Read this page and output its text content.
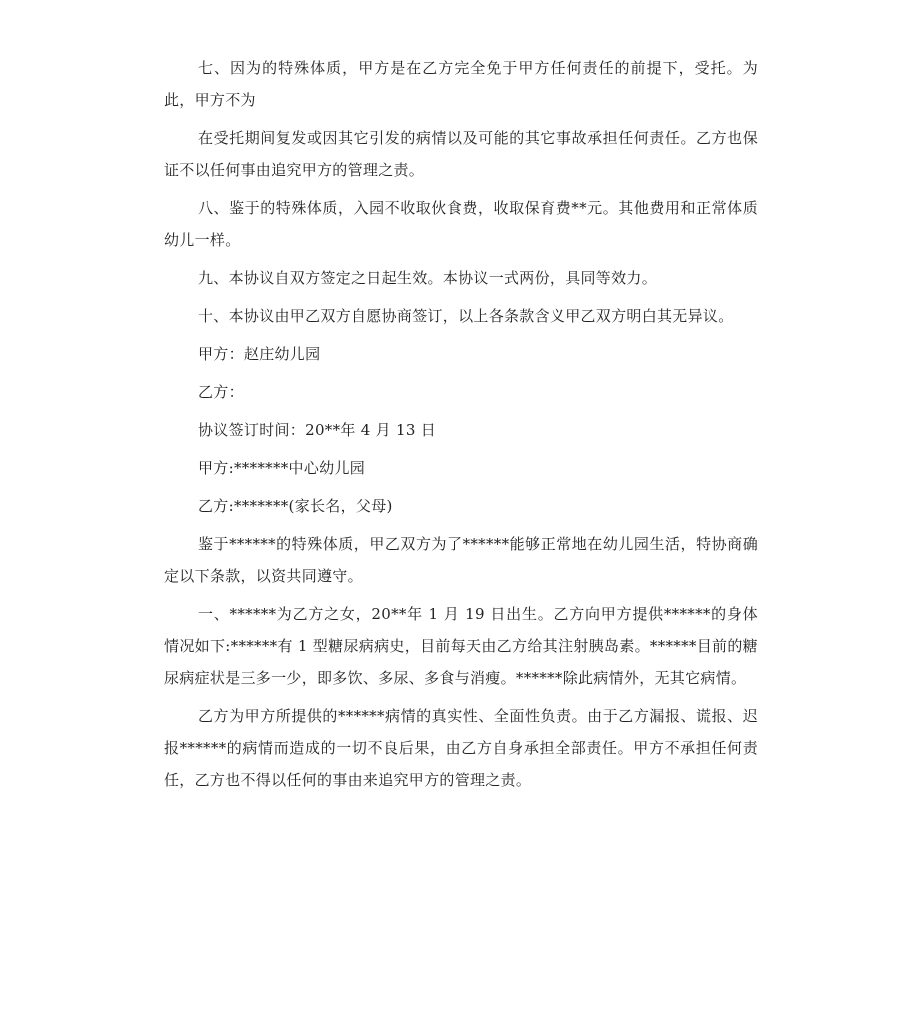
七、因为的特殊体质，甲方是在乙方完全免于甲方任何责任的前提下，受托。为此，甲方不为

在受托期间复发或因其它引发的病情以及可能的其它事故承担任何责任。乙方也保证不以任何事由追究甲方的管理之责。

八、鉴于的特殊体质，入园不收取伙食费，收取保育费**元。其他费用和正常体质幼儿一样。

九、本协议自双方签定之日起生效。本协议一式两份，具同等效力。

十、本协议由甲乙双方自愿协商签订，以上各条款含义甲乙双方明白其无异议。

甲方：赵庄幼儿园

乙方：

协议签订时间：20**年 4 月 13 日

甲方:*******中心幼儿园

乙方:*******(家长名，父母)

鉴于******的特殊体质，甲乙双方为了******能够正常地在幼儿园生活，特协商确定以下条款，以资共同遵守。

一、******为乙方之女，20**年 1 月 19 日出生。乙方向甲方提供******的身体情况如下:******有 1 型糖尿病病史，目前每天由乙方给其注射胰岛素。******目前的糖尿病症状是三多一少，即多饮、多尿、多食与消瘦。******除此病情外，无其它病情。

乙方为甲方所提供的******病情的真实性、全面性负责。由于乙方漏报、谎报、迟报******的病情而造成的一切不良后果，由乙方自身承担全部责任。甲方不承担任何责任，乙方也不得以任何的事由来追究甲方的管理之责。
